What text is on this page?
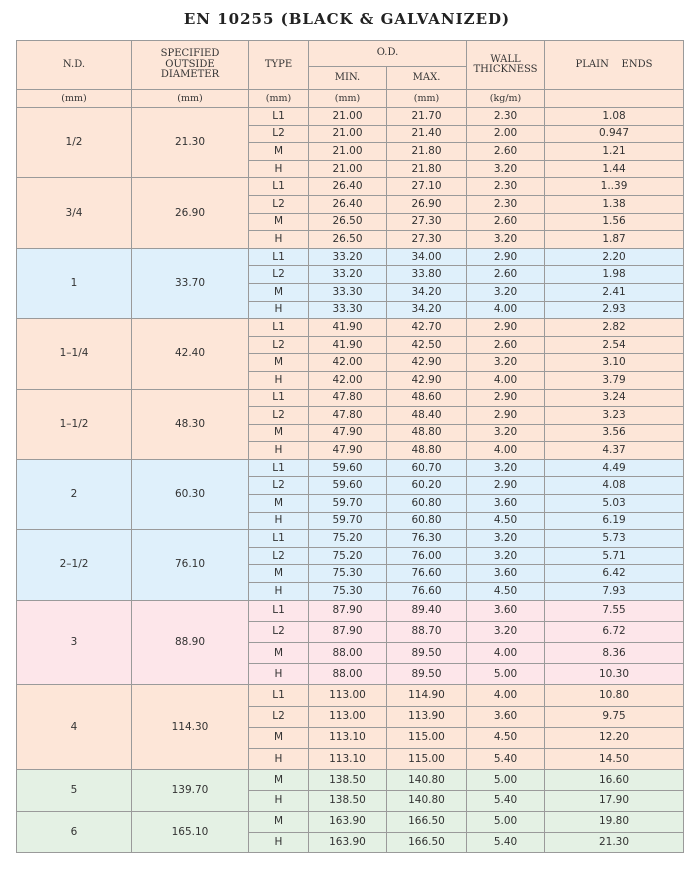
EN 10255 (BLACK & GALVANIZED)
N.D.	SPECIFIED
OUTSIDE
DIAMETER	TYPE	O.D.		WALL
THICKNESS	PLAIN    ENDS
			MIN.	MAX.		
(mm)	(mm)	(mm)	(mm)	(mm)	(kg/m)	
1/2	21.30	L1	21.00	21.70	2.30	1.08
		L2	21.00	21.40	2.00	0.947
		M	21.00	21.80	2.60	1.21
		H	21.00	21.80	3.20	1.44
3/4	26.90	L1	26.40	27.10	2.30	1..39
		L2	26.40	26.90	2.30	1.38
		M	26.50	27.30	2.60	1.56
		H	26.50	27.30	3.20	1.87
1	33.70	L1	33.20	34.00	2.90	2.20
		L2	33.20	33.80	2.60	1.98
		M	33.30	34.20	3.20	2.41
		H	33.30	34.20	4.00	2.93
1–1/4	42.40	L1	41.90	42.70	2.90	2.82
		L2	41.90	42.50	2.60	2.54
		M	42.00	42.90	3.20	3.10
		H	42.00	42.90	4.00	3.79
1–1/2	48.30	L1	47.80	48.60	2.90	3.24
		L2	47.80	48.40	2.90	3.23
		M	47.90	48.80	3.20	3.56
		H	47.90	48.80	4.00	4.37
2	60.30	L1	59.60	60.70	3.20	4.49
		L2	59.60	60.20	2.90	4.08
		M	59.70	60.80	3.60	5.03
		H	59.70	60.80	4.50	6.19
2–1/2	76.10	L1	75.20	76.30	3.20	5.73
		L2	75.20	76.00	3.20	5.71
		M	75.30	76.60	3.60	6.42
		H	75.30	76.60	4.50	7.93
3	88.90	L1	87.90	89.40	3.60	7.55
		L2	87.90	88.70	3.20	6.72
		M	88.00	89.50	4.00	8.36
		H	88.00	89.50	5.00	10.30
4	114.30	L1	113.00	114.90	4.00	10.80
		L2	113.00	113.90	3.60	9.75
		M	113.10	115.00	4.50	12.20
		H	113.10	115.00	5.40	14.50
5	139.70	M	138.50	140.80	5.00	16.60
		H	138.50	140.80	5.40	17.90
6	165.10	M	163.90	166.50	5.00	19.80
		H	163.90	166.50	5.40	21.30
